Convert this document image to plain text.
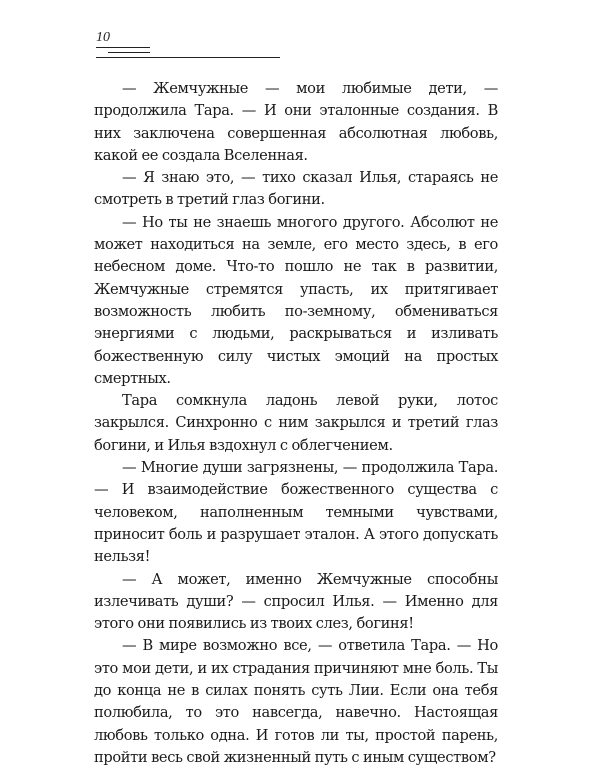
10

— Жемчужные — мои любимые дети, — продолжила Тара. — И они эталонные создания. В них заключена совершенная абсолютная любовь, какой ее создала Вселенная.

— Я знаю это, — тихо сказал Илья, стараясь не смотреть в третий глаз богини.

— Но ты не знаешь многого другого. Абсолют не может находиться на земле, его место здесь, в его небесном доме. Что-то пошло не так в развитии, Жемчужные стремятся упасть, их притягивает возможность любить по-земному, обмениваться энергиями с людьми, раскрываться и изливать божественную силу чистых эмоций на простых смертных.

Тара сомкнула ладонь левой руки, лотос закрылся. Синхронно с ним закрылся и третий глаз богини, и Илья вздохнул с облегчением.

— Многие души загрязнены, — продолжила Тара. — И взаимодействие божественного существа с человеком, наполненным темными чувствами, приносит боль и разрушает эталон. А этого допускать нельзя!

— А может, именно Жемчужные способны излечивать души? — спросил Илья. — Именно для этого они появились из твоих слез, богиня!

— В мире возможно все, — ответила Тара. — Но это мои дети, и их страдания причиняют мне боль. Ты до конца не в силах понять суть Лии. Если она тебя полюбила, то это навсегда, навечно. Настоящая любовь только одна. И готов ли ты, простой парень, пройти весь свой жизненный путь с иным существом?
